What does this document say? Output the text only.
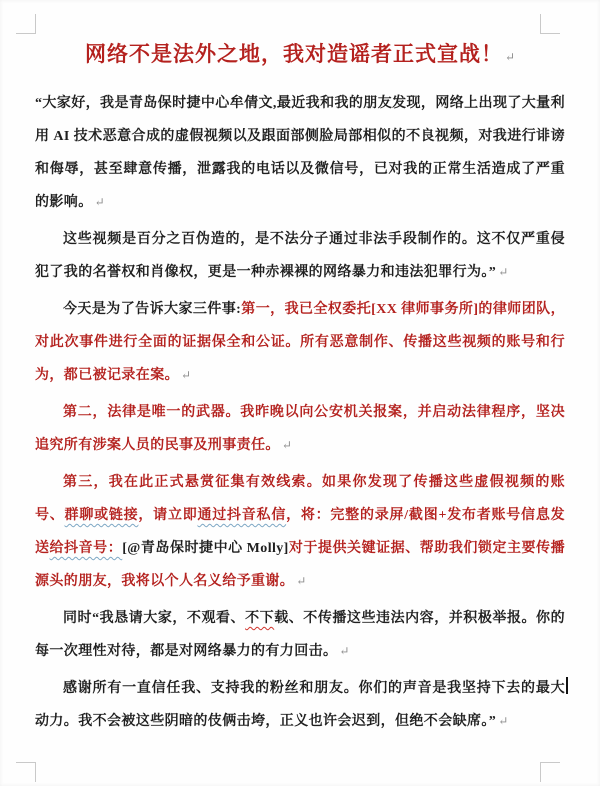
网络不是法外之地，我对造谣者正式宣战！ ↵

“大家好，我是青岛保时捷中心牟倩文,最近我和我的朋友发现，网络上出现了大量利用 AI 技术恶意合成的虚假视频以及跟面部侧脸局部相似的不良视频，对我进行诽谤和侮辱，甚至肆意传播，泄露我的电话以及微信号，已对我的正常生活造成了严重的影响。 ↵

这些视频是百分之百伪造的，是不法分子通过非法手段制作的。这不仅严重侵犯了我的名誉权和肖像权，更是一种赤裸裸的网络暴力和违法犯罪行为。” ↵

今天是为了告诉大家三件事:第一，我已全权委托[XX 律师事务所]的律师团队，对此次事件进行全面的证据保全和公证。所有恶意制作、传播这些视频的账号和行为，都已被记录在案。 ↵

第二，法律是唯一的武器。我昨晚以向公安机关报案，并启动法律程序，坚决追究所有涉案人员的民事及刑事责任。 ↵

第三，我在此正式悬赏征集有效线索。如果你发现了传播这些虚假视频的账号、群聊或链接，请立即通过抖音私信，将：完整的录屏/截图+发布者账号信息发送给抖音号：[@青岛保时捷中心 Molly]对于提供关键证据、帮助我们锁定主要传播源头的朋友，我将以个人名义给予重谢。 ↵

同时“我恳请大家，不观看、不下载、不传播这些违法内容，并积极举报。你的每一次理性对待，都是对网络暴力的有力回击。 ↵

感谢所有一直信任我、支持我的粉丝和朋友。你们的声音是我坚持下去的最大动力。我不会被这些阴暗的伎俩击垮，正义也许会迟到，但绝不会缺席。” ↵
